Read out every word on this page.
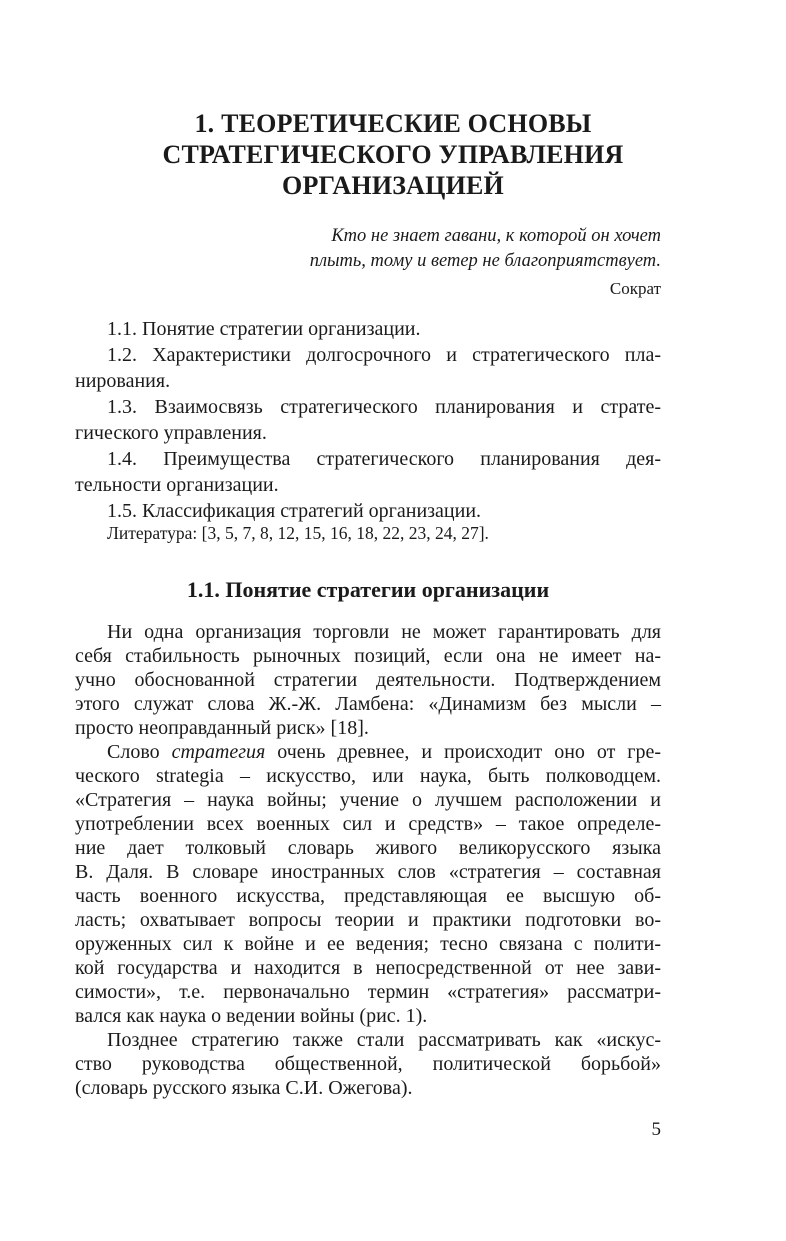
1. ТЕОРЕТИЧЕСКИЕ ОСНОВЫ
СТРАТЕГИЧЕСКОГО УПРАВЛЕНИЯ
ОРГАНИЗАЦИЕЙ
Кто не знает гавани, к которой он хочет
плыть, тому и ветер не благоприятствует.
Сократ
1.1. Понятие стратегии организации.
1.2. Характеристики долгосрочного и стратегического пла-
нирования.
1.3. Взаимосвязь стратегического планирования и страте-
гического управления.
1.4. Преимущества стратегического планирования дея-
тельности организации.
1.5. Классификация стратегий организации.
Литература: [3, 5, 7, 8, 12, 15, 16, 18, 22, 23, 24, 27].
1.1. Понятие стратегии организации
Ни одна организация торговли не может гарантировать для
себя стабильность рыночных позиций, если она не имеет на-
учно обоснованной стратегии деятельности. Подтверждением
этого служат слова Ж.-Ж. Ламбена: «Динамизм без мысли –
просто неоправданный риск» [18].
Слово стратегия очень древнее, и происходит оно от гре-
ческого strategia – искусство, или наука, быть полководцем.
«Стратегия – наука войны; учение о лучшем расположении и
употреблении всех военных сил и средств» – такое определе-
ние дает толковый словарь живого великорусского языка
В. Даля. В словаре иностранных слов «стратегия – составная
часть военного искусства, представляющая ее высшую об-
ласть; охватывает вопросы теории и практики подготовки во-
оруженных сил к войне и ее ведения; тесно связана с полити-
кой государства и находится в непосредственной от нее зави-
симости», т.е. первоначально термин «стратегия» рассматри-
вался как наука о ведении войны (рис. 1).
Позднее стратегию также стали рассматривать как «искус-
ство руководства общественной, политической борьбой»
(словарь русского языка С.И. Ожегова).
5
